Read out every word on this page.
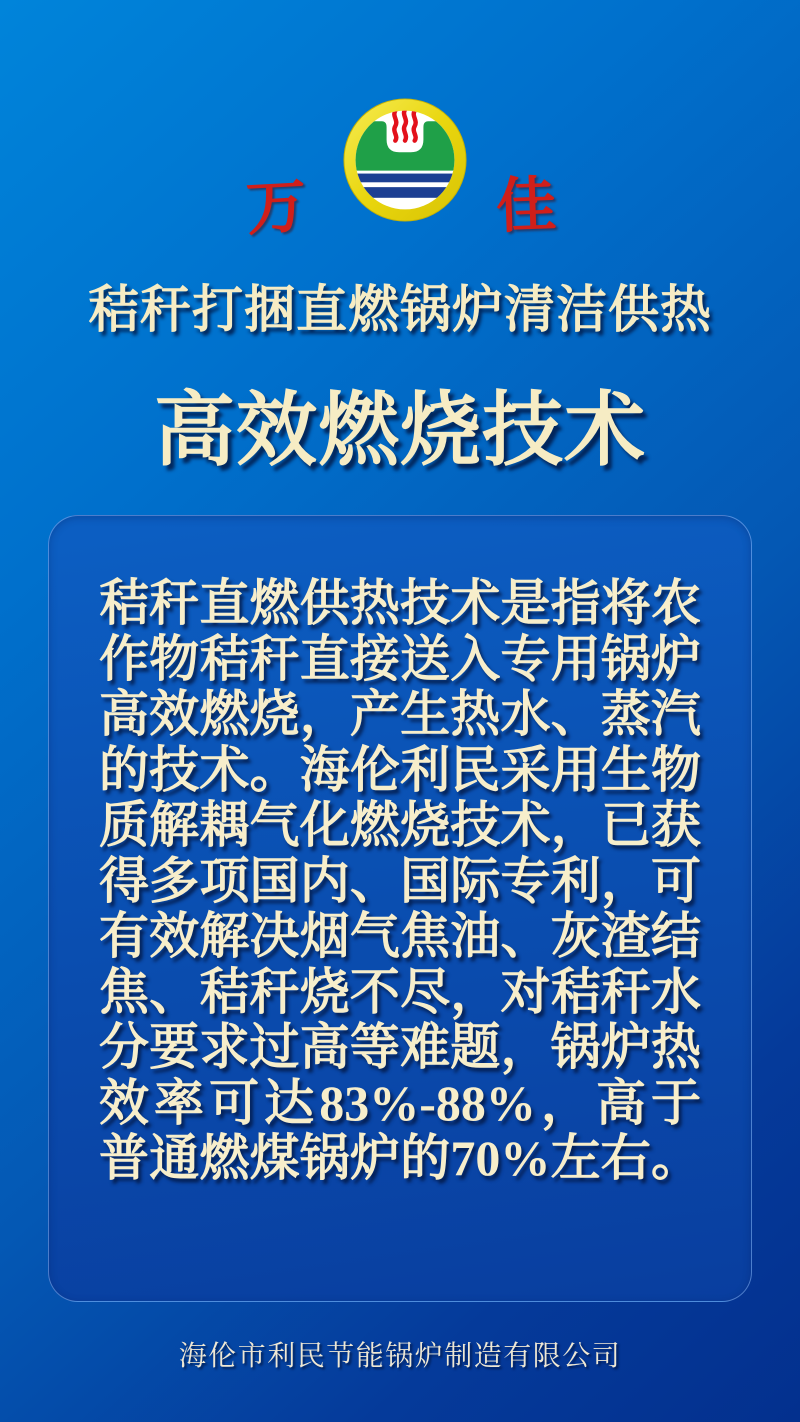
万	佳
秸秆打捆直燃锅炉清洁供热
高效燃烧技术
秸秆直燃供热技术是指将农
作物秸秆直接送入专用锅炉
高效燃烧，产生热水、蒸汽
的技术。海伦利民采用生物
质解耦气化燃烧技术，已获
得多项国内、国际专利，可
有效解决烟气焦油、灰渣结
焦、秸秆烧不尽，对秸秆水
分要求过高等难题，锅炉热
效率可达83%-88%，高于
普通燃煤锅炉的70%左右。
海伦市利民节能锅炉制造有限公司
